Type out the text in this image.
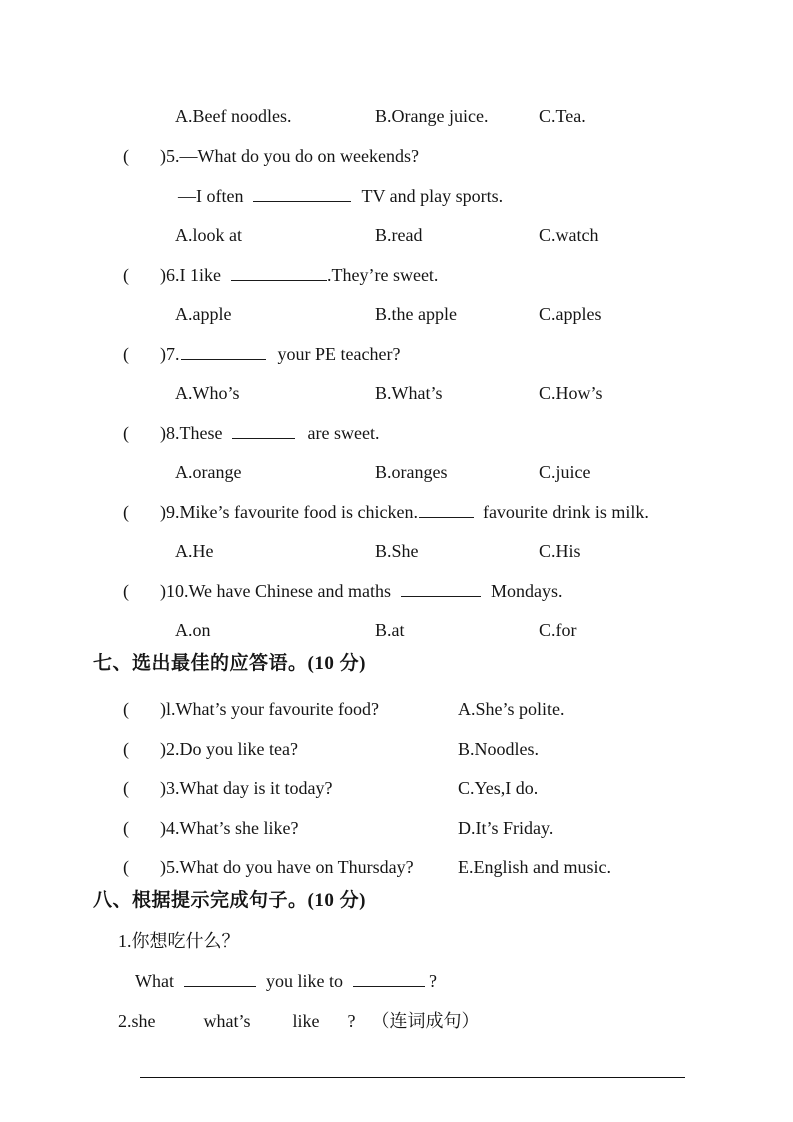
A.Beef noodles.	B.Orange juice.	C.Tea.
( )5.—What do you do on weekends?
—I often	TV and play sports.
A.look at	B.read	C.watch
( )6.I 1ike	.They’re sweet.
A.apple	B.the apple	C.apples
( )7.	your PE teacher?
A.Who’s	B.What’s	C.How’s
( )8.These	are sweet.
A.orange	B.oranges	C.juice
( )9.Mike’s favourite food is chicken.	favourite drink is milk.
A.He	B.She	C.His
( )10.We have Chinese and maths	Mondays.
A.on	B.at	C.for
七、选出最佳的应答语。(10 分)
( )l.What’s your favourite food?	A.She’s polite.
( )2.Do you like tea?	B.Noodles.
( )3.What day is it today?	C.Yes,I do.
( )4.What’s she like?	D.It’s Friday.
( )5.What do you have on Thursday? E.English and music.
八、根据提示完成句子。(10 分)
1.你想吃什么？
What	you like to	?
2.she	what’s like ? （连词成句）
